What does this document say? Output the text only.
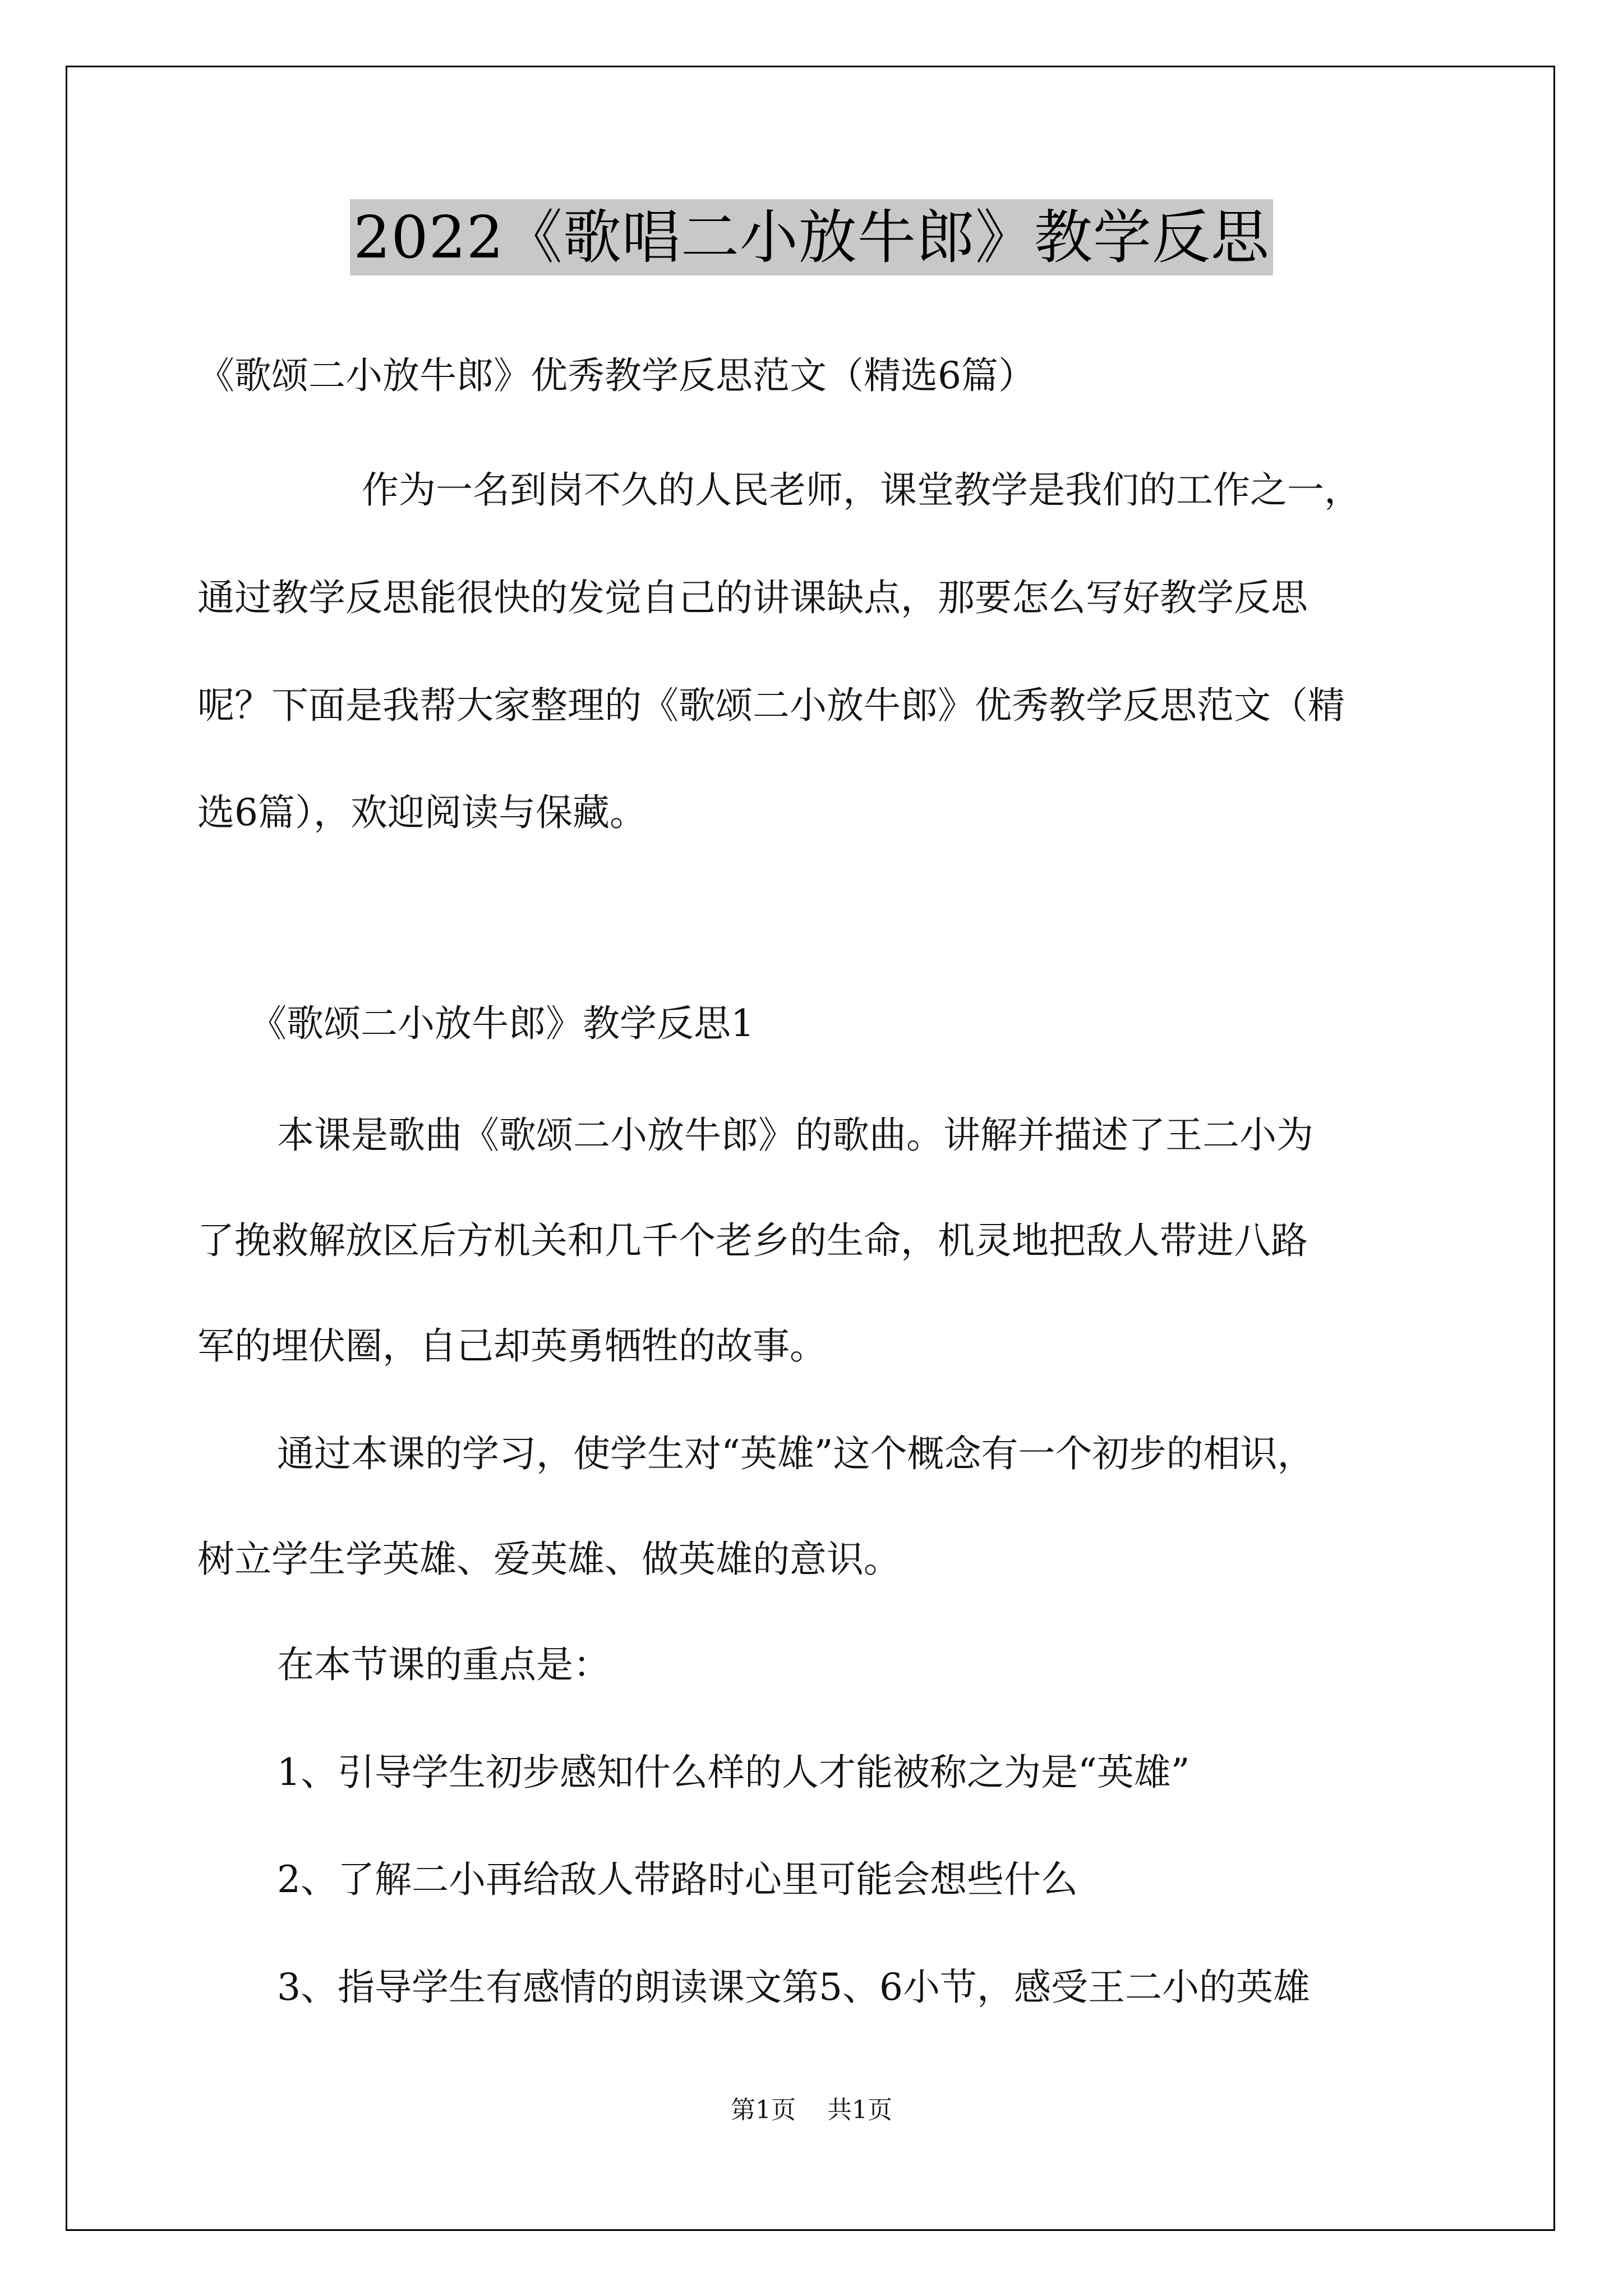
2022《歌唱二小放牛郎》教学反思
《歌颂二小放牛郎》优秀教学反思范文（精选6篇）
作为一名到岗不久的人民老师，课堂教学是我们的工作之一，
通过教学反思能很快的发觉自己的讲课缺点，那要怎么写好教学反思
呢？下面是我帮大家整理的《歌颂二小放牛郎》优秀教学反思范文（精
选6篇），欢迎阅读与保藏。
《歌颂二小放牛郎》教学反思1
本课是歌曲《歌颂二小放牛郎》的歌曲。讲解并描述了王二小为
了挽救解放区后方机关和几千个老乡的生命，机灵地把敌人带进八路
军的埋伏圈，自己却英勇牺牲的故事。
通过本课的学习，使学生对“英雄”这个概念有一个初步的相识，
树立学生学英雄、爱英雄、做英雄的意识。
在本节课的重点是：
1、引导学生初步感知什么样的人才能被称之为是“英雄”
2、了解二小再给敌人带路时心里可能会想些什么
3、指导学生有感情的朗读课文第5、6小节，感受王二小的英雄
第1页 共1页
